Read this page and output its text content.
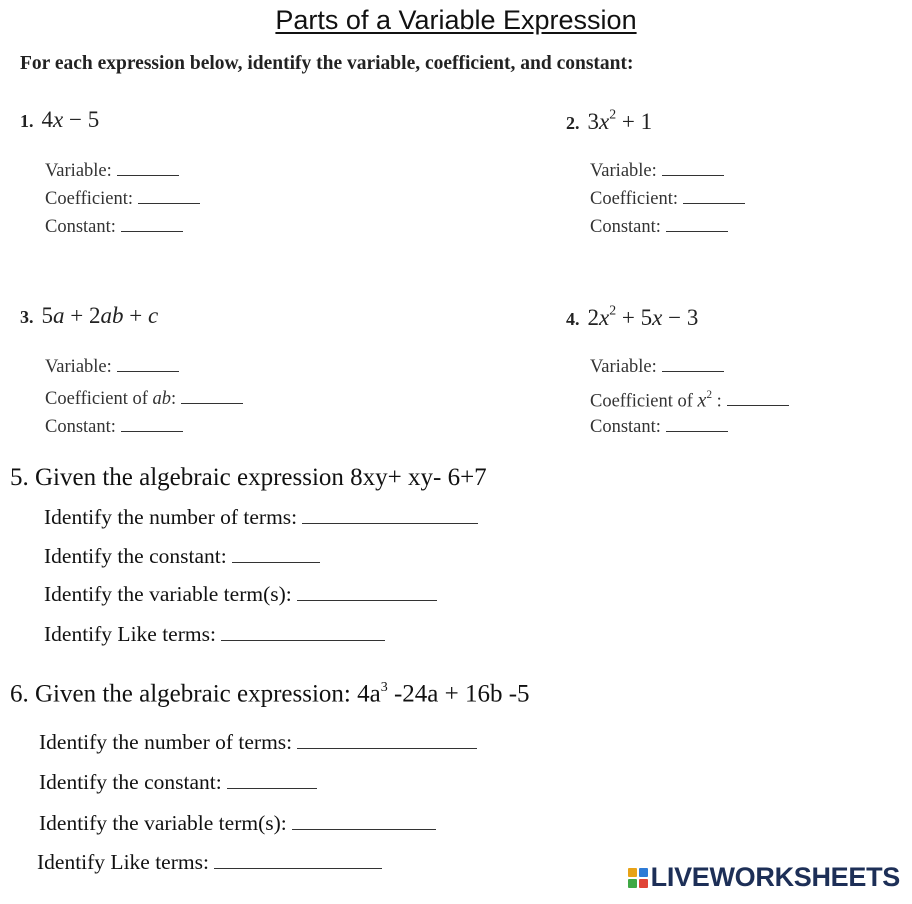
Parts of a Variable Expression
For each expression below, identify the variable, coefficient, and constant:
1. 4x − 5
Variable:
Coefficient:
Constant:
2. $3x^2 + 1$
Variable:
Coefficient:
Constant:
3. 5a + 2ab + c
Variable:
Coefficient of ab:
Constant:
4. $2x^2 + 5x - 3$
Variable:
Coefficient of $x^2$ :
Constant:
5. Given the algebraic expression 8xy+ xy- 6+7
Identify the number of terms:
Identify the constant:
Identify the variable term(s):
Identify Like terms:
6. Given the algebraic expression: $4a^3$ -24a + 16b -5
Identify the number of terms:
Identify the constant:
Identify the variable term(s):
Identify Like terms:	LIVEWORKSHEETS
